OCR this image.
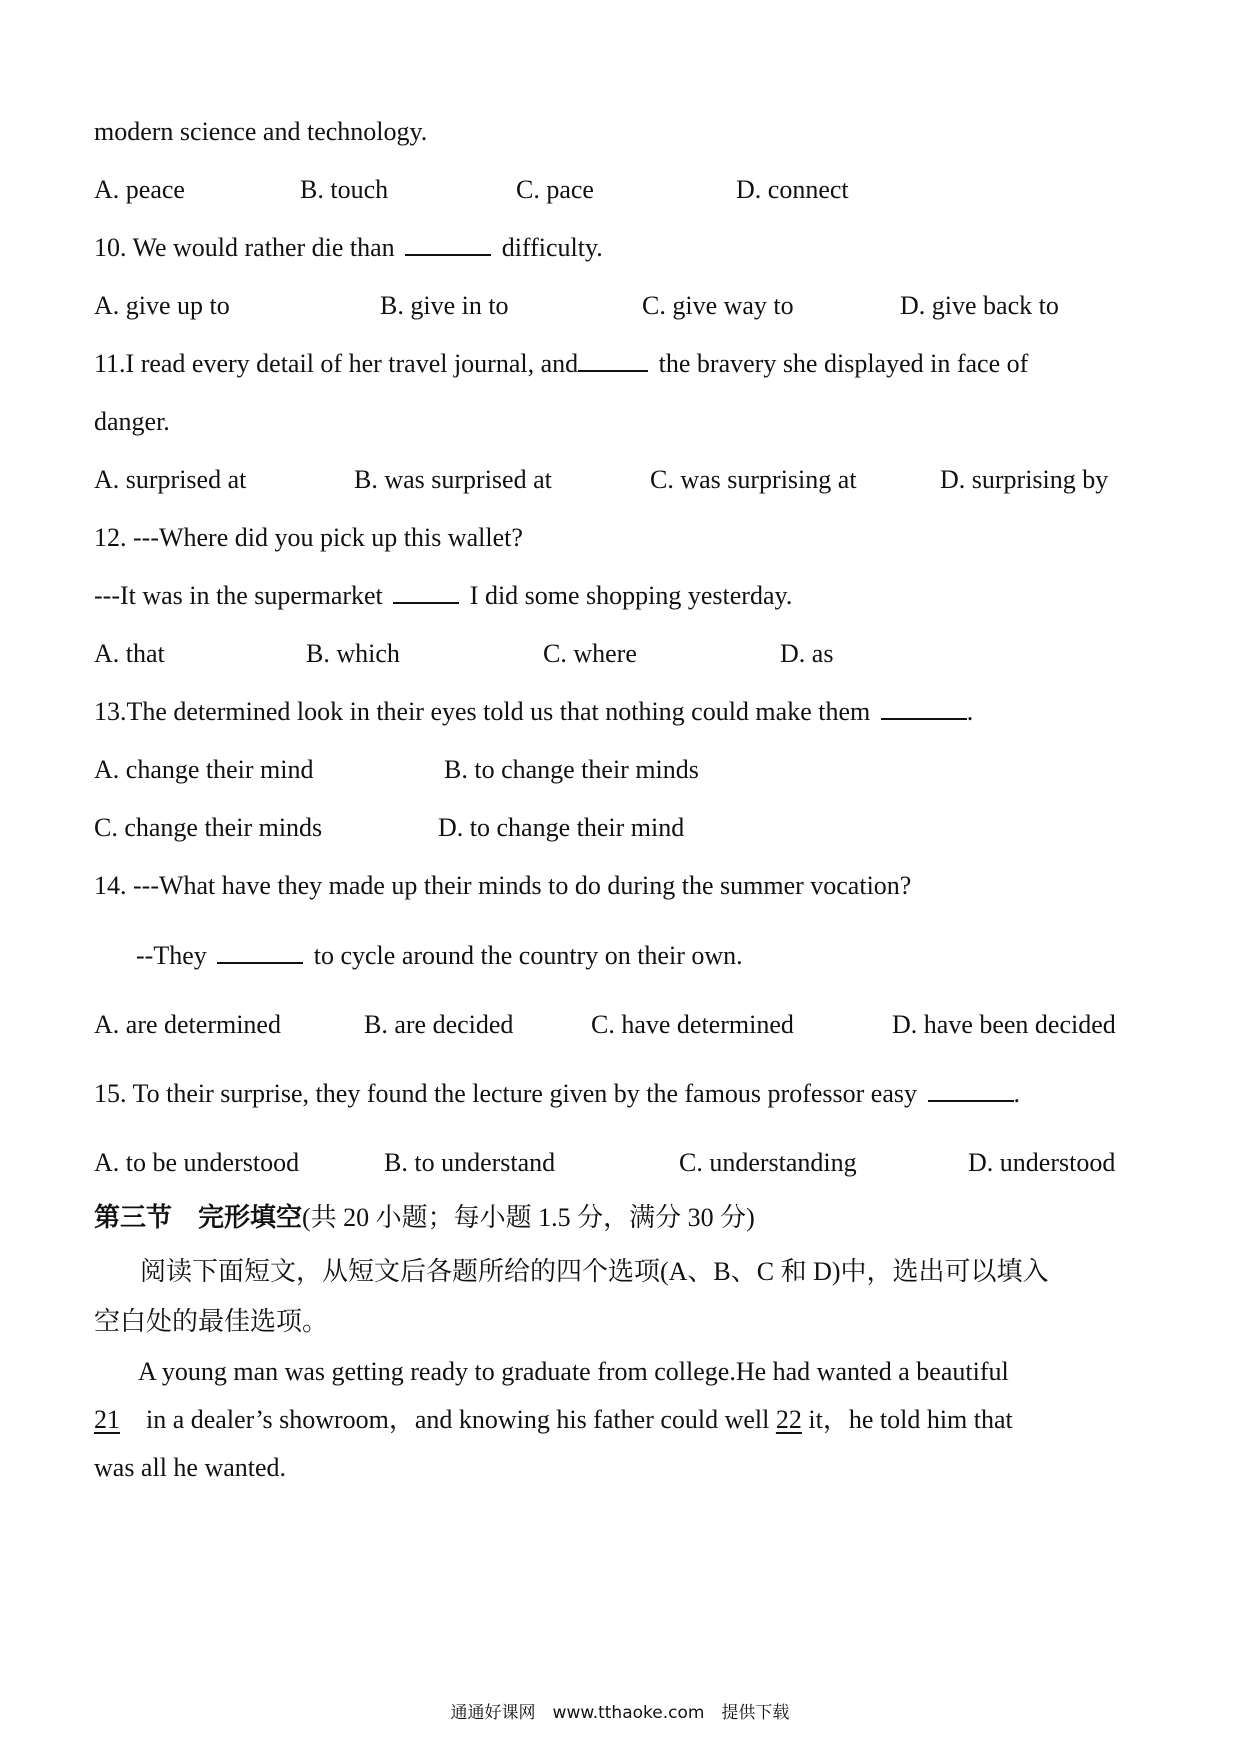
modern science and technology.
A. peace	B. touch	C. pace	D. connect
10. We would rather die than	difficulty.
A. give up to	B. give in to	C. give way to	D. give back to
11.I read every detail of her travel journal, and	the bravery she displayed in face of
danger.
A. surprised at	B. was surprised at	C. was surprising at	D. surprising by
12. ---Where did you pick up this wallet?
---It was in the supermarket	I did some shopping yesterday.
A. that	B. which	C. where	D. as
13.The determined look in their eyes told us that nothing could make them	.
A. change their mind	B. to change their minds
C. change their minds	D. to change their mind
14. ---What have they made up their minds to do during the summer vocation?
--They	to cycle around the country on their own.
A. are determined	B. are decided	C. have determined	D. have been decided
15. To their surprise, they found the lecture given by the famous professor easy	.
A. to be understood	B. to understand	C. understanding	D. understood
第三节　完形填空(共 20 小题；每小题 1.5 分，满分 30 分)
阅读下面短文，从短文后各题所给的四个选项(A、B、C 和 D)中，选出可以填入
空白处的最佳选项。
A young man was getting ready to graduate from college.He had wanted a beautiful
21 in a dealer’s showroom，and knowing his father could well 22 it，he told him that
was all he wanted.
通通好课网　www.tthaoke.com　提供下载
